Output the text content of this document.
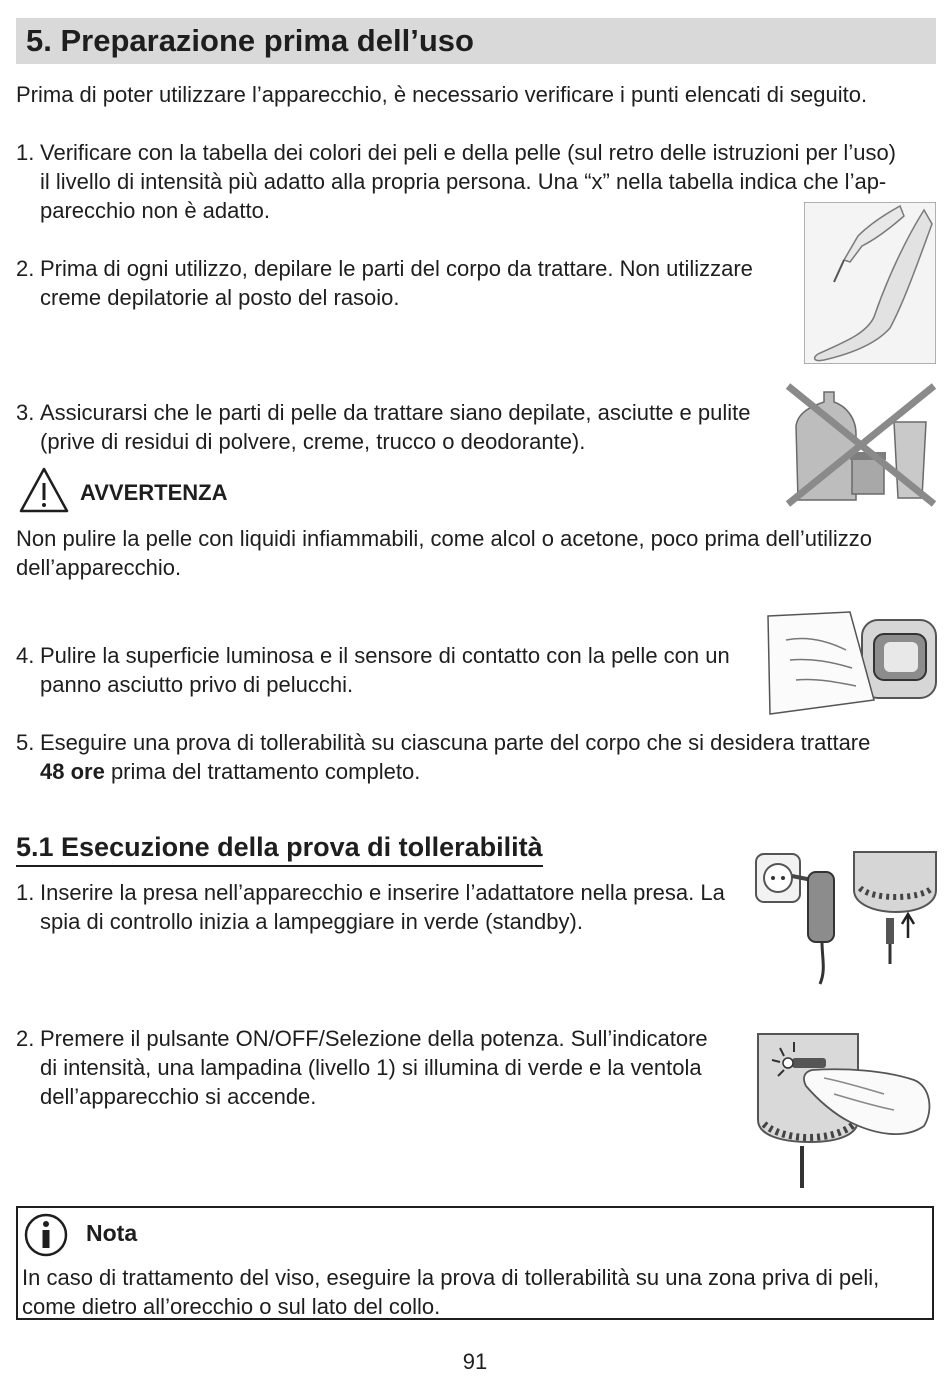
5. Preparazione prima dell’uso
Prima di poter utilizzare l’apparecchio, è necessario verificare i punti elencati di seguito.
1. Verificare con la tabella dei colori dei peli e della pelle (sul retro delle istruzioni per l’uso)
il livello di intensità più adatto alla propria persona. Una “x” nella tabella indica che l’ap-
parecchio non è adatto.
2. Prima di ogni utilizzo, depilare le parti del corpo da trattare. Non utilizzare
creme depilatorie al posto del rasoio.
3. Assicurarsi che le parti di pelle da trattare siano depilate, asciutte e pulite
(prive di residui di polvere, creme, trucco o deodorante).
AVVERTENZA
Non pulire la pelle con liquidi infiammabili, come alcol o acetone, poco prima dell’utilizzo
dell’apparecchio.
4. Pulire la superficie luminosa e il sensore di contatto con la pelle con un
panno asciutto privo di pelucchi.
5. Eseguire una prova di tollerabilità su ciascuna parte del corpo che si desidera trattare
48 ore prima del trattamento completo.
5.1 Esecuzione della prova di tollerabilità
1. Inserire la presa nell’apparecchio e inserire l’adattatore nella presa. La
spia di controllo inizia a lampeggiare in verde (standby).
2. Premere il pulsante ON/OFF/Selezione della potenza. Sull’indicatore
di intensità, una lampadina (livello 1) si illumina di verde e la ventola
dell’apparecchio si accende.
Nota
In caso di trattamento del viso, eseguire la prova di tollerabilità su una zona priva di peli,
come dietro all’orecchio o sul lato del collo.
91
